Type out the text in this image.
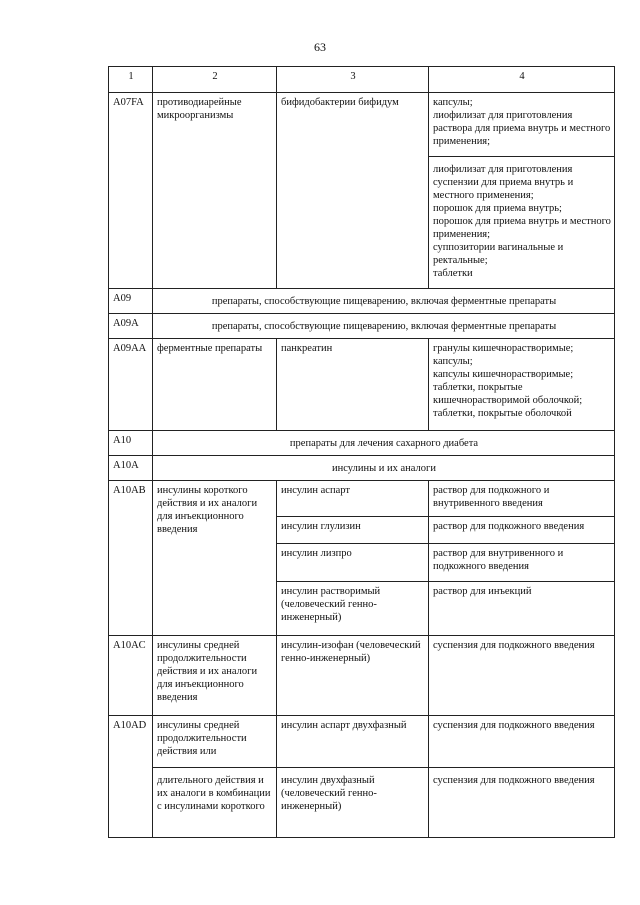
63
1	2	3	4
A07FA	противодиарейные микроорганизмы	бифидобактерии бифидум	капсулы;
лиофилизат для приготовления раствора для приема внутрь и местного применения;
			лиофилизат для приготовления суспензии для приема внутрь и местного применения;
порошок для приема внутрь;
порошок для приема внутрь и местного применения;
суппозитории вагинальные и ректальные;
таблетки
A09	препараты, способствующие пищеварению, включая ферментные препараты		
A09A	препараты, способствующие пищеварению, включая ферментные препараты		
A09AA	ферментные препараты	панкреатин	гранулы кишечнорастворимые;
капсулы;
капсулы кишечнорастворимые;
таблетки, покрытые кишечнорастворимой оболочкой;
таблетки, покрытые оболочкой
A10	препараты для лечения сахарного диабета		
A10A	инсулины и их аналоги		
A10AB	инсулины короткого действия и их аналоги для инъекционного введения	инсулин аспарт	раствор для подкожного и внутривенного введения
		инсулин глулизин	раствор для подкожного введения
		инсулин лизпро	раствор для внутривенного и подкожного введения
		инсулин растворимый (человеческий генно-инженерный)	раствор для инъекций
A10AC	инсулины средней продолжительности действия и их аналоги для инъекционного введения	инсулин-изофан (человеческий генно-инженерный)	суспензия для подкожного введения
A10AD	инсулины средней продолжительности действия или	инсулин аспарт двухфазный	суспензия для подкожного введения
	длительного действия и их аналоги в комбинации с инсулинами короткого	инсулин двухфазный (человеческий генно-инженерный)	суспензия для подкожного введения
